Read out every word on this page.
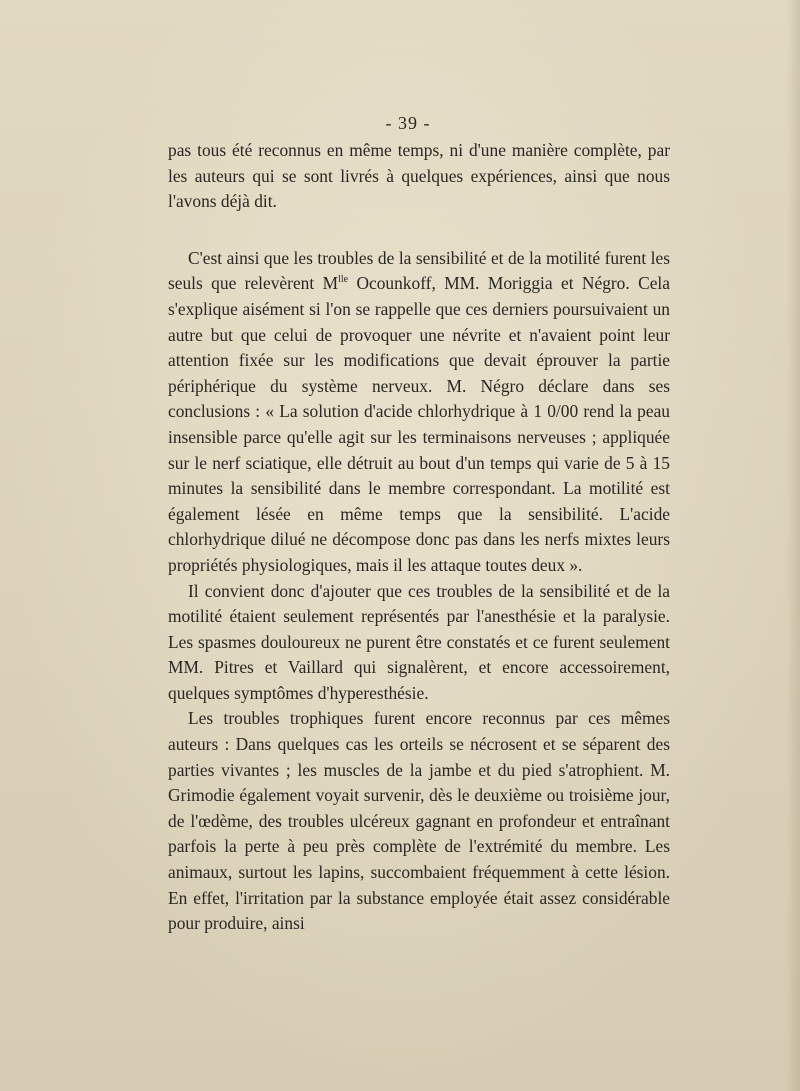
- 39 -

pas tous été reconnus en même temps, ni d'une manière complète, par les auteurs qui se sont livrés à quelques expériences, ainsi que nous l'avons déjà dit.

C'est ainsi que les troubles de la sensibilité et de la motilité furent les seuls que relevèrent $M^{lle}$ Ocounkoff, MM. Moriggia et Négro. Cela s'explique aisément si l'on se rappelle que ces derniers poursuivaient un autre but que celui de provoquer une névrite et n'avaient point leur attention fixée sur les modifications que devait éprouver la partie périphérique du système nerveux. M. Négro déclare dans ses conclusions : « La solution d'acide chlorhydrique à 1 0/00 rend la peau insensible parce qu'elle agit sur les terminaisons nerveuses ; appliquée sur le nerf sciatique, elle détruit au bout d'un temps qui varie de 5 à 15 minutes la sensibilité dans le membre correspondant. La motilité est également lésée en même temps que la sensibilité. L'acide chlorhydrique dilué ne décompose donc pas dans les nerfs mixtes leurs propriétés physiologiques, mais il les attaque toutes deux ».

Il convient donc d'ajouter que ces troubles de la sensibilité et de la motilité étaient seulement représentés par l'anesthésie et la paralysie. Les spasmes douloureux ne purent être constatés et ce furent seulement MM. Pitres et Vaillard qui signalèrent, et encore accessoirement, quelques symptômes d'hyperesthésie.

Les troubles trophiques furent encore reconnus par ces mêmes auteurs : Dans quelques cas les orteils se nécrosent et se séparent des parties vivantes ; les muscles de la jambe et du pied s'atrophient. M. Grimodie également voyait survenir, dès le deuxième ou troisième jour, de l'œdème, des troubles ulcéreux gagnant en profondeur et entraînant parfois la perte à peu près complète de l'extrémité du membre. Les animaux, surtout les lapins, succombaient fréquemment à cette lésion. En effet, l'irritation par la substance employée était assez considérable pour produire, ainsi
